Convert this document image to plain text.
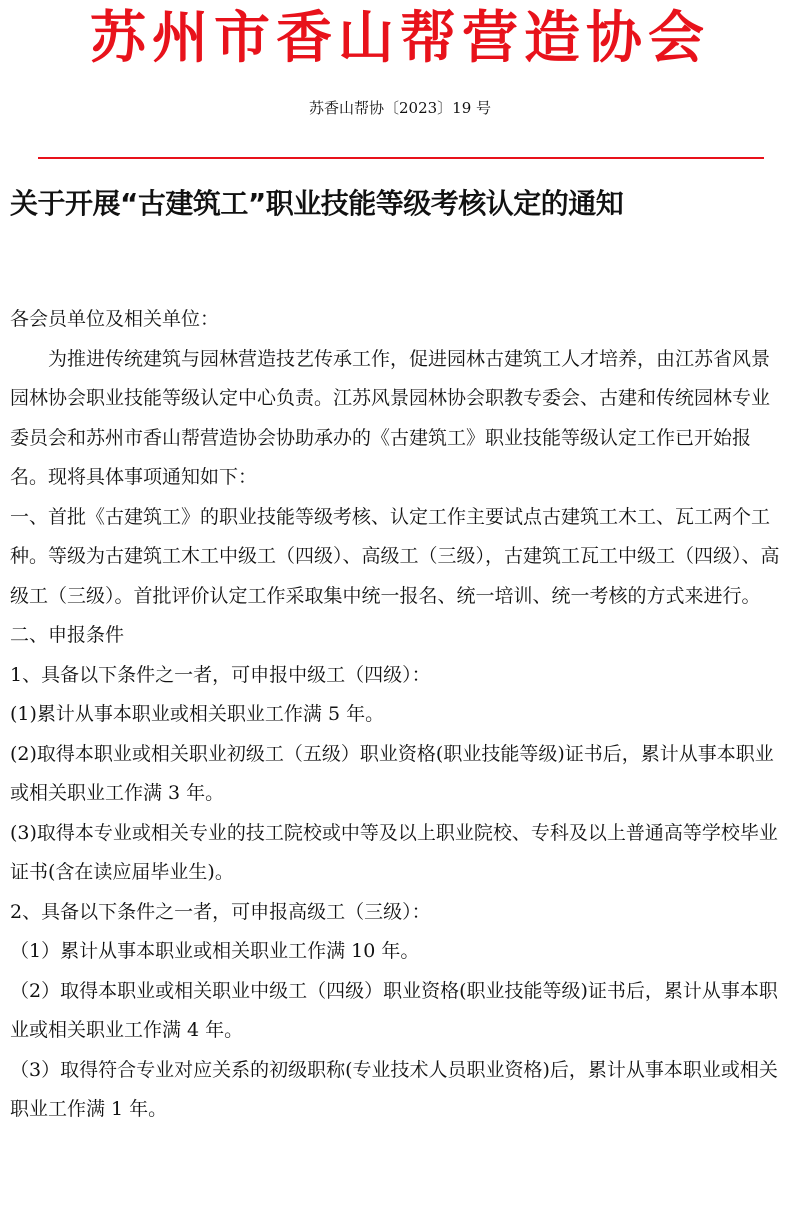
苏州市香山帮营造协会
苏香山帮协〔2023〕19 号
关于开展“古建筑工”职业技能等级考核认定的通知

各会员单位及相关单位：

为推进传统建筑与园林营造技艺传承工作，促进园林古建筑工人才培养，由江苏省风景园林协会职业技能等级认定中心负责。江苏风景园林协会职教专委会、古建和传统园林专业委员会和苏州市香山帮营造协会协助承办的《古建筑工》职业技能等级认定工作已开始报名。现将具体事项通知如下：

一、首批《古建筑工》的职业技能等级考核、认定工作主要试点古建筑工木工、瓦工两个工种。等级为古建筑工木工中级工（四级）、高级工（三级），古建筑工瓦工中级工（四级）、高级工（三级）。首批评价认定工作采取集中统一报名、统一培训、统一考核的方式来进行。

二、申报条件

1、具备以下条件之一者，可申报中级工（四级）：

(1)累计从事本职业或相关职业工作满 5 年。

(2)取得本职业或相关职业初级工（五级）职业资格(职业技能等级)证书后，累计从事本职业或相关职业工作满 3 年。

(3)取得本专业或相关专业的技工院校或中等及以上职业院校、专科及以上普通高等学校毕业证书(含在读应届毕业生)。

2、具备以下条件之一者，可申报高级工（三级）：

（1）累计从事本职业或相关职业工作满 10 年。

（2）取得本职业或相关职业中级工（四级）职业资格(职业技能等级)证书后，累计从事本职业或相关职业工作满 4 年。

（3）取得符合专业对应关系的初级职称(专业技术人员职业资格)后，累计从事本职业或相关职业工作满 1 年。
